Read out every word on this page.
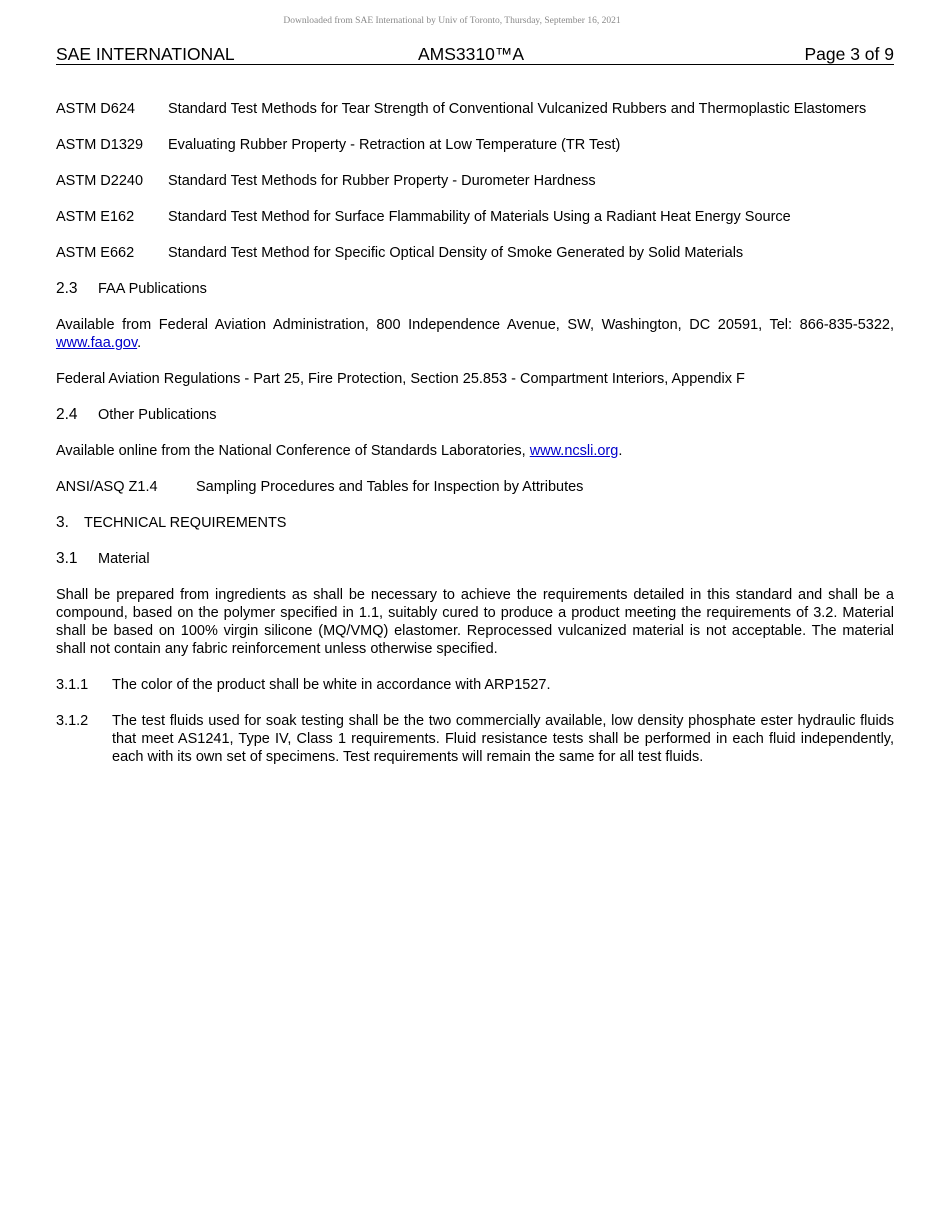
Downloaded from SAE International by Univ of Toronto, Thursday, September 16, 2021
SAE INTERNATIONAL	AMS3310™A	Page 3 of 9
ASTM D624	Standard Test Methods for Tear Strength of Conventional Vulcanized Rubbers and Thermoplastic Elastomers
ASTM D1329	Evaluating Rubber Property - Retraction at Low Temperature (TR Test)
ASTM D2240	Standard Test Methods for Rubber Property - Durometer Hardness
ASTM E162	Standard Test Method for Surface Flammability of Materials Using a Radiant Heat Energy Source
ASTM E662	Standard Test Method for Specific Optical Density of Smoke Generated by Solid Materials
2.3	FAA Publications
Available from Federal Aviation Administration, 800 Independence Avenue, SW, Washington, DC 20591, Tel: 866-835-5322, www.faa.gov.
Federal Aviation Regulations - Part 25, Fire Protection, Section 25.853 - Compartment Interiors, Appendix F
2.4	Other Publications
Available online from the National Conference of Standards Laboratories, www.ncsli.org.
ANSI/ASQ Z1.4	Sampling Procedures and Tables for Inspection by Attributes
3.	TECHNICAL REQUIREMENTS
3.1	Material
Shall be prepared from ingredients as shall be necessary to achieve the requirements detailed in this standard and shall be a compound, based on the polymer specified in 1.1, suitably cured to produce a product meeting the requirements of 3.2. Material shall be based on 100% virgin silicone (MQ/VMQ) elastomer. Reprocessed vulcanized material is not acceptable. The material shall not contain any fabric reinforcement unless otherwise specified.
3.1.1	The color of the product shall be white in accordance with ARP1527.
3.1.2	The test fluids used for soak testing shall be the two commercially available, low density phosphate ester hydraulic fluids that meet AS1241, Type IV, Class 1 requirements. Fluid resistance tests shall be performed in each fluid independently, each with its own set of specimens. Test requirements will remain the same for all test fluids.
